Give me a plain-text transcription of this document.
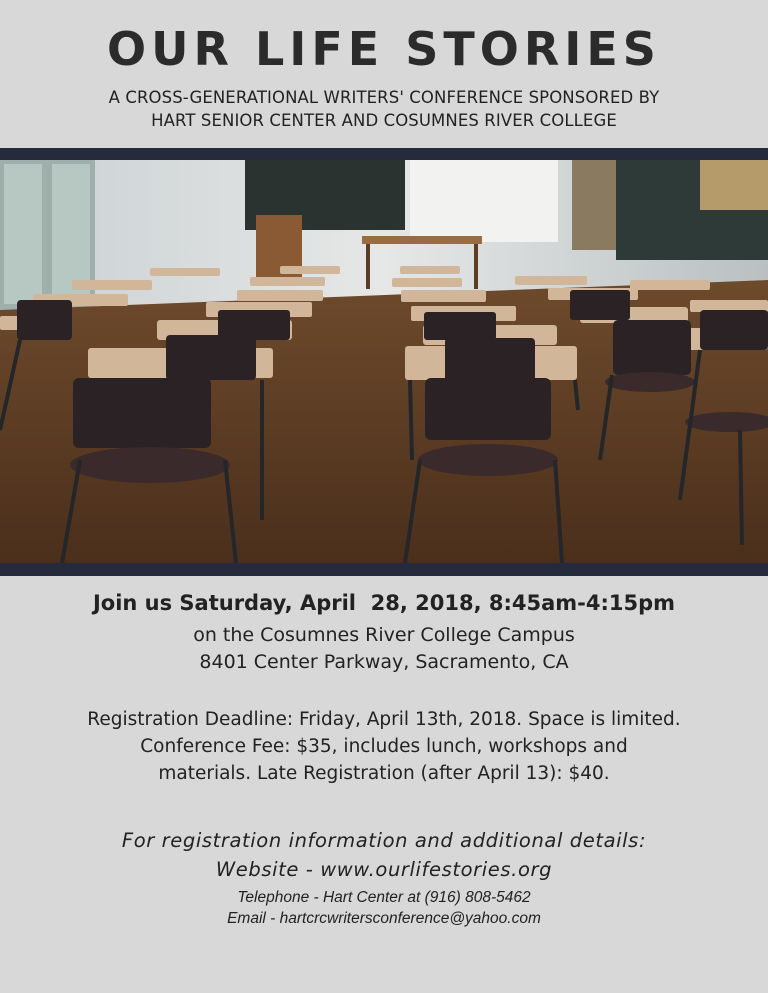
OUR LIFE STORIES
A CROSS-GENERATIONAL WRITERS' CONFERENCE SPONSORED BY
HART SENIOR CENTER AND COSUMNES RIVER COLLEGE
Join us Saturday, April  28, 2018, 8:45am-4:15pm
on the Cosumnes River College Campus
8401 Center Parkway, Sacramento, CA
Registration Deadline: Friday, April 13th, 2018. Space is limited.
Conference Fee: $35, includes lunch, workshops and
materials. Late Registration (after April 13): $40.
For registration information and additional details:
Website - www.ourlifestories.org
Telephone - Hart Center at (916) 808-5462
Email - hartcrcwritersconference@yahoo.com
